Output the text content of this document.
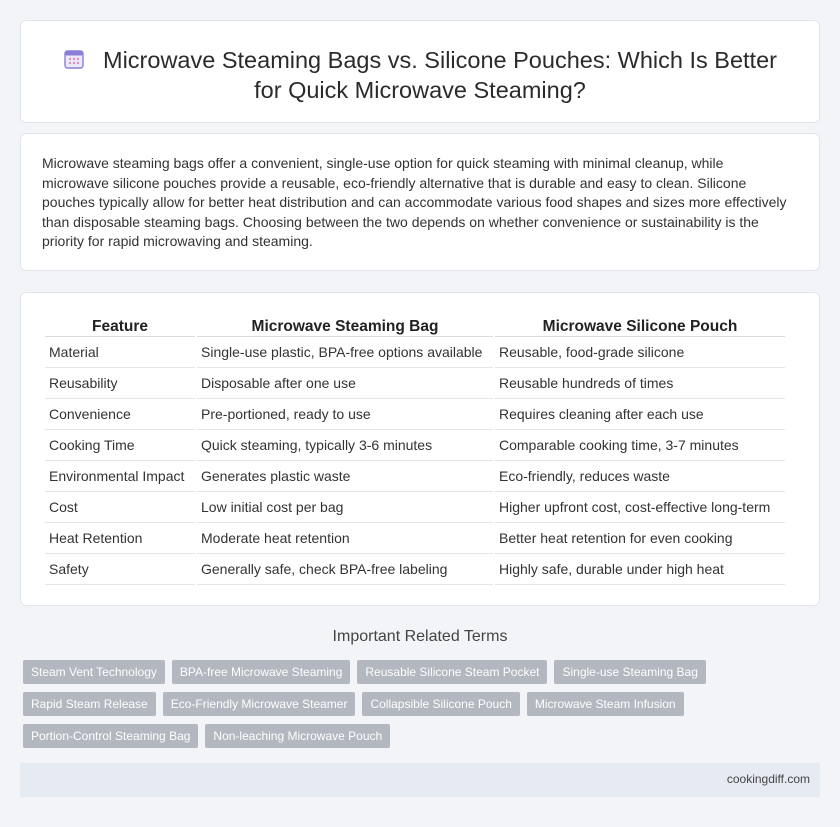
Microwave Steaming Bags vs. Silicone Pouches: Which Is Better
for Quick Microwave Steaming?

Microwave steaming bags offer a convenient, single-use option for quick steaming with minimal cleanup, while microwave silicone pouches provide a reusable, eco-friendly alternative that is durable and easy to clean. Silicone pouches typically allow for better heat distribution and can accommodate various food shapes and sizes more effectively than disposable steaming bags. Choosing between the two depends on whether convenience or sustainability is the priority for rapid microwaving and steaming.

Feature	Microwave Steaming Bag	Microwave Silicone Pouch
Material	Single-use plastic, BPA-free options available	Reusable, food-grade silicone
Reusability	Disposable after one use	Reusable hundreds of times
Convenience	Pre-portioned, ready to use	Requires cleaning after each use
Cooking Time	Quick steaming, typically 3-6 minutes	Comparable cooking time, 3-7 minutes
Environmental Impact	Generates plastic waste	Eco-friendly, reduces waste
Cost	Low initial cost per bag	Higher upfront cost, cost-effective long-term
Heat Retention	Moderate heat retention	Better heat retention for even cooking
Safety	Generally safe, check BPA-free labeling	Highly safe, durable under high heat
Important Related Terms
Steam Vent Technology	BPA-free Microwave Steaming	Reusable Silicone Steam Pocket	Single-use Steaming Bag
Rapid Steam Release	Eco-Friendly Microwave Steamer	Collapsible Silicone Pouch	Microwave Steam Infusion
Portion-Control Steaming Bag	Non-leaching Microwave Pouch
cookingdiff.com
